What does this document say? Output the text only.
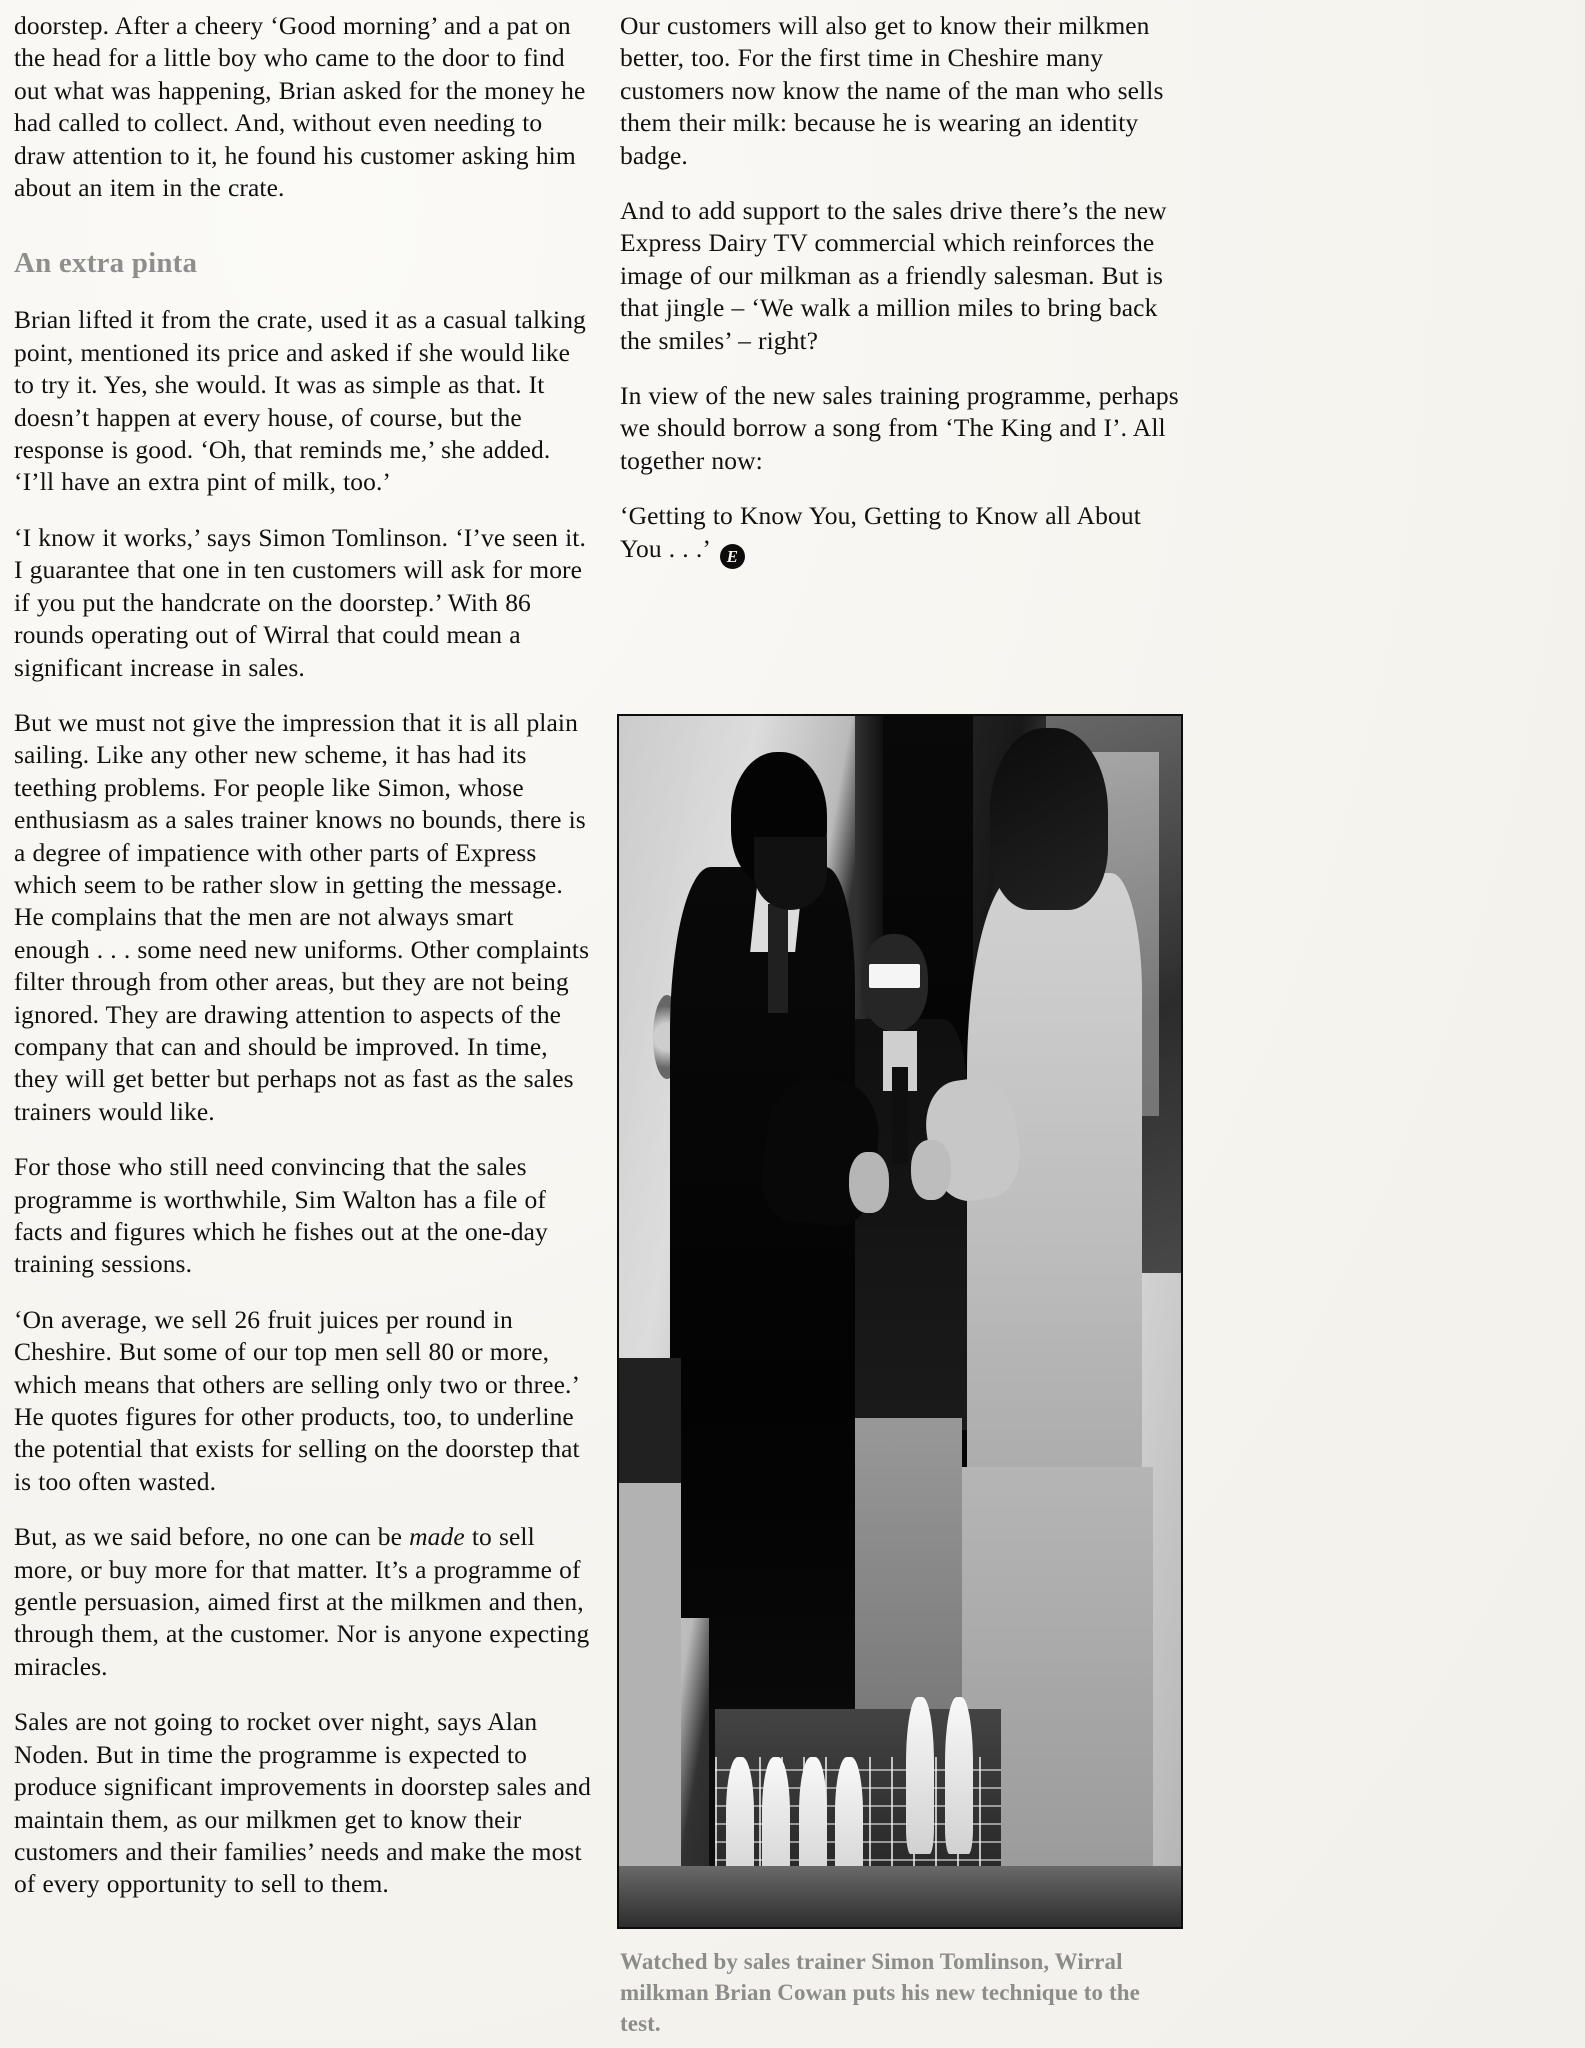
doorstep. After a cheery ‘Good morning’ and a pat on the head for a little boy who came to the door to find out what was happening, Brian asked for the money he had called to collect. And, without even needing to draw attention to it, he found his customer asking him about an item in the crate.

An extra pinta

Brian lifted it from the crate, used it as a casual talking point, mentioned its price and asked if she would like to try it. Yes, she would. It was as simple as that. It doesn’t happen at every house, of course, but the response is good. ‘Oh, that reminds me,’ she added. ‘I’ll have an extra pint of milk, too.’

‘I know it works,’ says Simon Tomlinson. ‘I’ve seen it. I guarantee that one in ten customers will ask for more if you put the handcrate on the doorstep.’ With 86 rounds operating out of Wirral that could mean a significant increase in sales.

But we must not give the impression that it is all plain sailing. Like any other new scheme, it has had its teething problems. For people like Simon, whose enthusiasm as a sales trainer knows no bounds, there is a degree of impatience with other parts of Express which seem to be rather slow in getting the message. He complains that the men are not always smart enough . . . some need new uniforms. Other complaints filter through from other areas, but they are not being ignored. They are drawing attention to aspects of the company that can and should be improved. In time, they will get better but perhaps not as fast as the sales trainers would like.

For those who still need convincing that the sales programme is worthwhile, Sim Walton has a file of facts and figures which he fishes out at the one-day training sessions.

‘On average, we sell 26 fruit juices per round in Cheshire. But some of our top men sell 80 or more, which means that others are selling only two or three.’ He quotes figures for other products, too, to underline the potential that exists for selling on the doorstep that is too often wasted.

But, as we said before, no one can be made to sell more, or buy more for that matter. It’s a programme of gentle persuasion, aimed first at the milkmen and then, through them, at the customer. Nor is anyone expecting miracles.

Sales are not going to rocket over night, says Alan Noden. But in time the programme is expected to produce significant improvements in doorstep sales and maintain them, as our milkmen get to know their customers and their families’ needs and make the most of every opportunity to sell to them.

Our customers will also get to know their milkmen better, too. For the first time in Cheshire many customers now know the name of the man who sells them their milk: because he is wearing an identity badge.

And to add support to the sales drive there’s the new Express Dairy TV commercial which reinforces the image of our milkman as a friendly salesman. But is that jingle – ‘We walk a million miles to bring back the smiles’ – right?

In view of the new sales training programme, perhaps we should borrow a song from ‘The King and I’. All together now:

‘Getting to Know You, Getting to Know all About You . . .’ E

Watched by sales trainer Simon Tomlinson, Wirral milkman Brian Cowan puts his new technique to the test.
